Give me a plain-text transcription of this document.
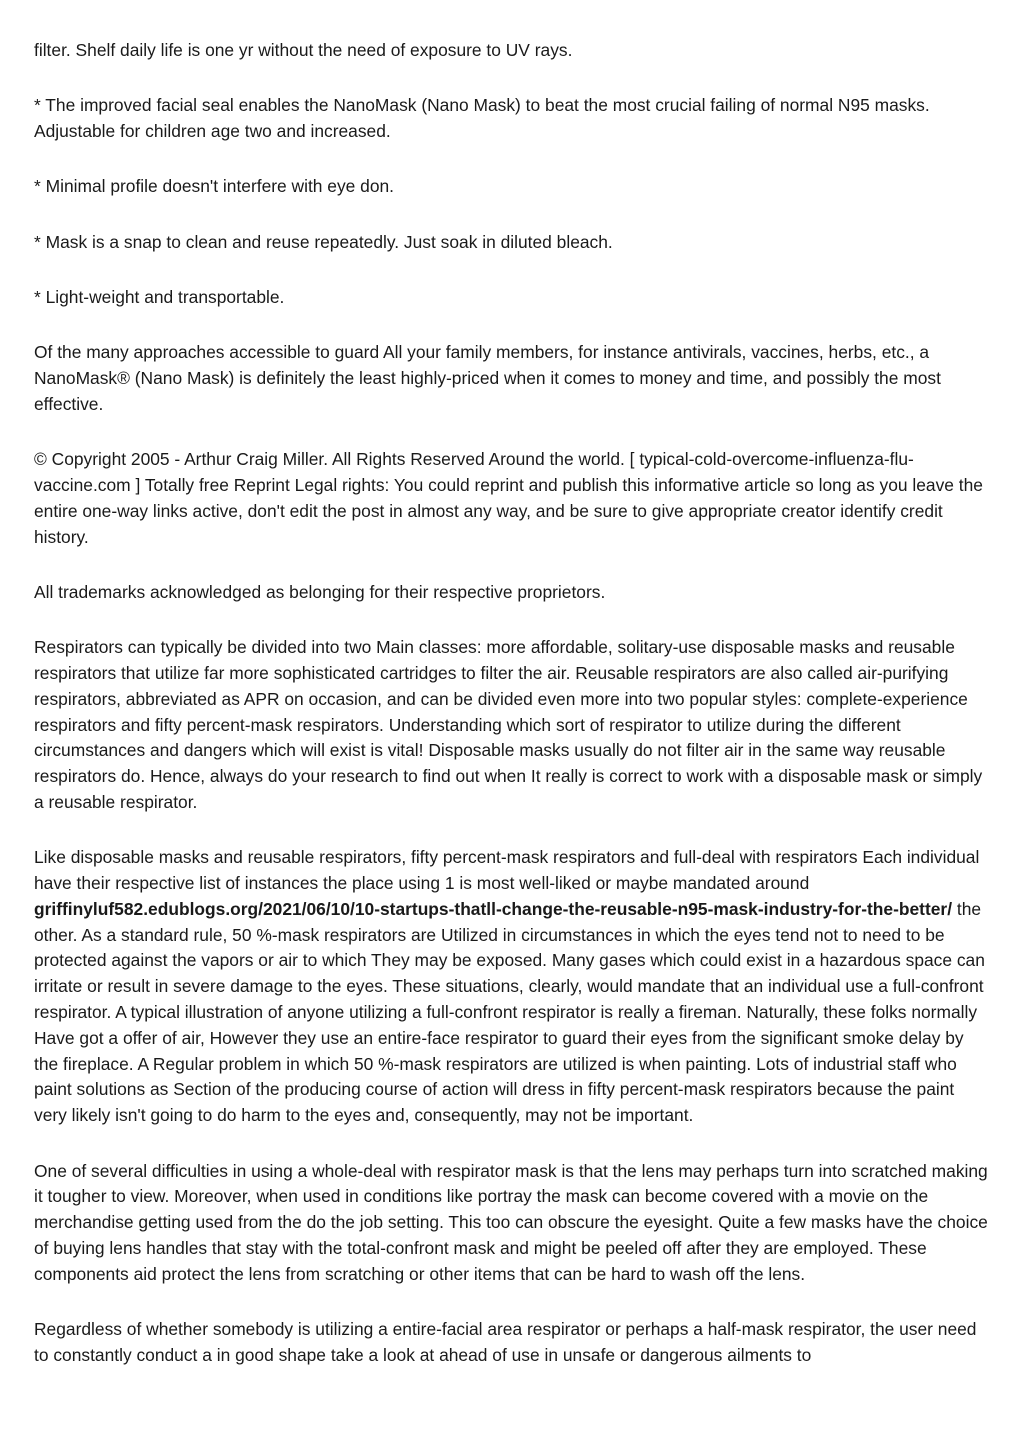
filter. Shelf daily life is one yr without the need of exposure to UV rays.

* The improved facial seal enables the NanoMask (Nano Mask) to beat the most crucial failing of normal N95 masks. Adjustable for children age two and increased.

* Minimal profile doesn't interfere with eye don.

* Mask is a snap to clean and reuse repeatedly. Just soak in diluted bleach.

* Light-weight and transportable.

Of the many approaches accessible to guard All your family members, for instance antivirals, vaccines, herbs, etc., a NanoMask® (Nano Mask) is definitely the least highly-priced when it comes to money and time, and possibly the most effective.

© Copyright 2005 - Arthur Craig Miller. All Rights Reserved Around the world. [ typical-cold-overcome-influenza-flu-vaccine.com ] Totally free Reprint Legal rights: You could reprint and publish this informative article so long as you leave the entire one-way links active, don't edit the post in almost any way, and be sure to give appropriate creator identify credit history.

All trademarks acknowledged as belonging for their respective proprietors.

Respirators can typically be divided into two Main classes: more affordable, solitary-use disposable masks and reusable respirators that utilize far more sophisticated cartridges to filter the air. Reusable respirators are also called air-purifying respirators, abbreviated as APR on occasion, and can be divided even more into two popular styles: complete-experience respirators and fifty percent-mask respirators. Understanding which sort of respirator to utilize during the different circumstances and dangers which will exist is vital! Disposable masks usually do not filter air in the same way reusable respirators do. Hence, always do your research to find out when It really is correct to work with a disposable mask or simply a reusable respirator.

Like disposable masks and reusable respirators, fifty percent-mask respirators and full-deal with respirators Each individual have their respective list of instances the place using 1 is most well-liked or maybe mandated around griffinyluf582.edublogs.org/2021/06/10/10-startups-thatll-change-the-reusable-n95-mask-industry-for-the-better/ the other. As a standard rule, 50 %-mask respirators are Utilized in circumstances in which the eyes tend not to need to be protected against the vapors or air to which They may be exposed. Many gases which could exist in a hazardous space can irritate or result in severe damage to the eyes. These situations, clearly, would mandate that an individual use a full-confront respirator. A typical illustration of anyone utilizing a full-confront respirator is really a fireman. Naturally, these folks normally Have got a offer of air, However they use an entire-face respirator to guard their eyes from the significant smoke delay by the fireplace. A Regular problem in which 50 %-mask respirators are utilized is when painting. Lots of industrial staff who paint solutions as Section of the producing course of action will dress in fifty percent-mask respirators because the paint very likely isn't going to do harm to the eyes and, consequently, may not be important.

One of several difficulties in using a whole-deal with respirator mask is that the lens may perhaps turn into scratched making it tougher to view. Moreover, when used in conditions like portray the mask can become covered with a movie on the merchandise getting used from the do the job setting. This too can obscure the eyesight. Quite a few masks have the choice of buying lens handles that stay with the total-confront mask and might be peeled off after they are employed. These components aid protect the lens from scratching or other items that can be hard to wash off the lens.

Regardless of whether somebody is utilizing a entire-facial area respirator or perhaps a half-mask respirator, the user need to constantly conduct a in good shape take a look at ahead of use in unsafe or dangerous ailments to
